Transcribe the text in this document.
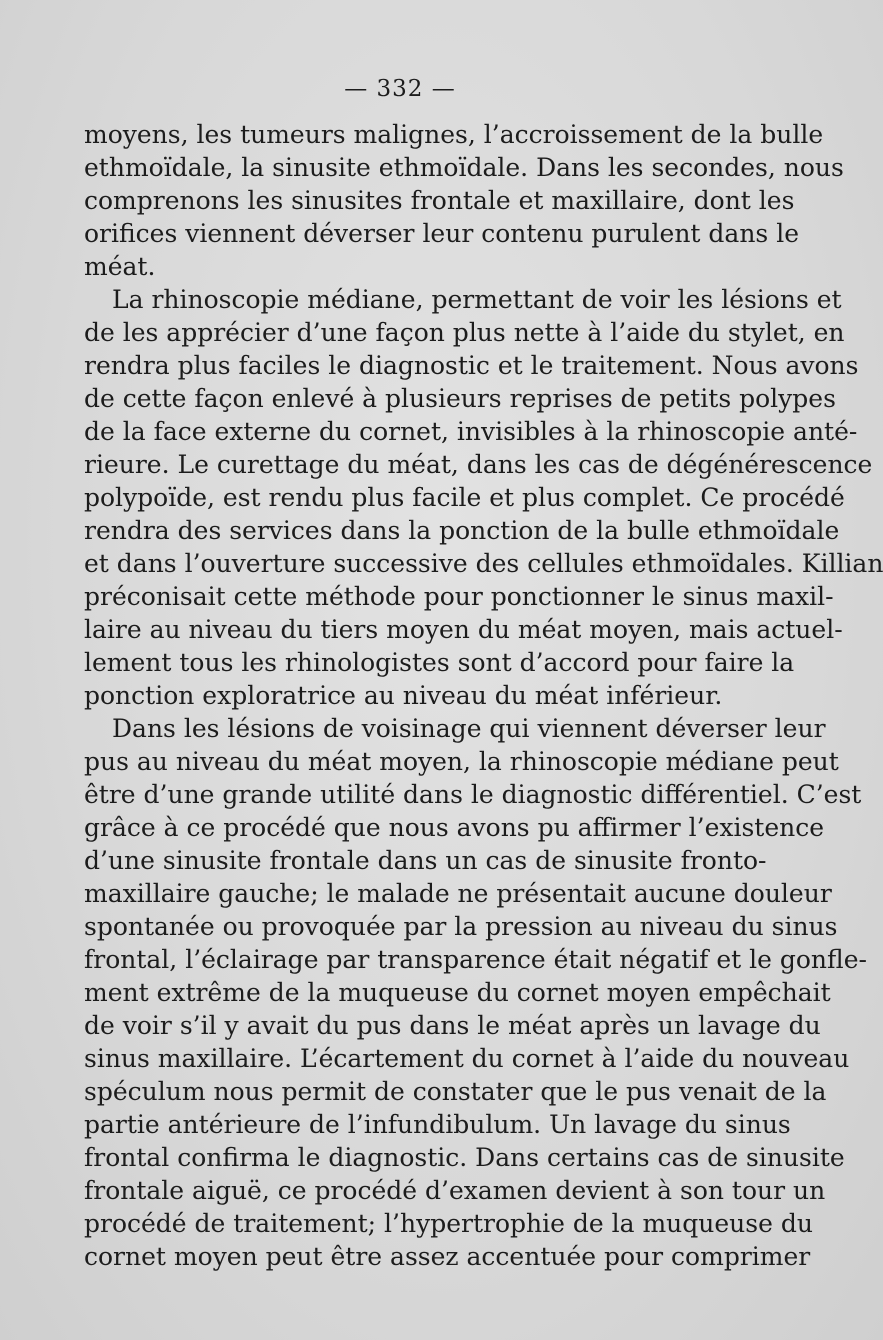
— 332 —
moyens, les tumeurs malignes, l’accroissement de la bulle
ethmoïdale, la sinusite ethmoïdale. Dans les secondes, nous
comprenons les sinusites frontale et maxillaire, dont les
orifices viennent déverser leur contenu purulent dans le
méat.
La rhinoscopie médiane, permettant de voir les lésions et
de les apprécier d’une façon plus nette à l’aide du stylet, en
rendra plus faciles le diagnostic et le traitement. Nous avons
de cette façon enlevé à plusieurs reprises de petits polypes
de la face externe du cornet, invisibles à la rhinoscopie anté-
rieure. Le curettage du méat, dans les cas de dégénérescence
polypoïde, est rendu plus facile et plus complet. Ce procédé
rendra des services dans la ponction de la bulle ethmoïdale
et dans l’ouverture successive des cellules ethmoïdales. Killian
préconisait cette méthode pour ponctionner le sinus maxil-
laire au niveau du tiers moyen du méat moyen, mais actuel-
lement tous les rhinologistes sont d’accord pour faire la
ponction exploratrice au niveau du méat inférieur.
Dans les lésions de voisinage qui viennent déverser leur
pus au niveau du méat moyen, la rhinoscopie médiane peut
être d’une grande utilité dans le diagnostic différentiel. C’est
grâce à ce procédé que nous avons pu affirmer l’existence
d’une sinusite frontale dans un cas de sinusite fronto-
maxillaire gauche; le malade ne présentait aucune douleur
spontanée ou provoquée par la pression au niveau du sinus
frontal, l’éclairage par transparence était négatif et le gonfle-
ment extrême de la muqueuse du cornet moyen empêchait
de voir s’il y avait du pus dans le méat après un lavage du
sinus maxillaire. L’écartement du cornet à l’aide du nouveau
spéculum nous permit de constater que le pus venait de la
partie antérieure de l’infundibulum. Un lavage du sinus
frontal confirma le diagnostic. Dans certains cas de sinusite
frontale aiguë, ce procédé d’examen devient à son tour un
procédé de traitement; l’hypertrophie de la muqueuse du
cornet moyen peut être assez accentuée pour comprimer
